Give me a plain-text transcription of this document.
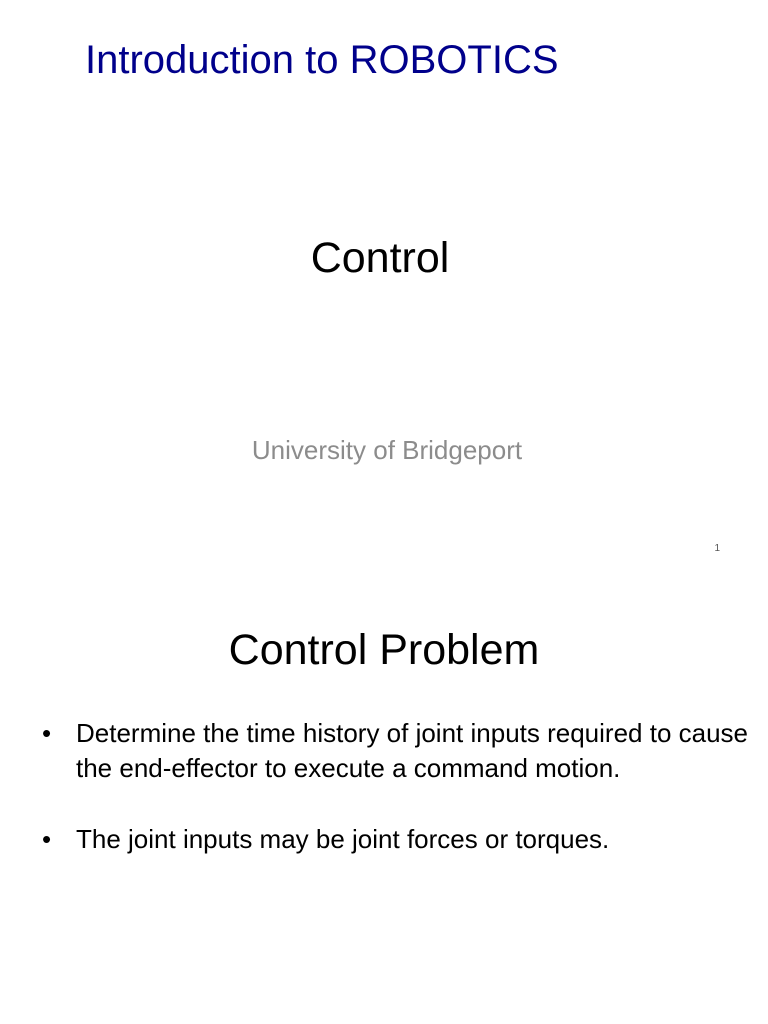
Introduction to ROBOTICS
Control
University of Bridgeport
1
Control Problem
• Determine the time history of joint inputs required to cause the end-effector to execute a command motion.
• The joint inputs may be joint forces or torques.
